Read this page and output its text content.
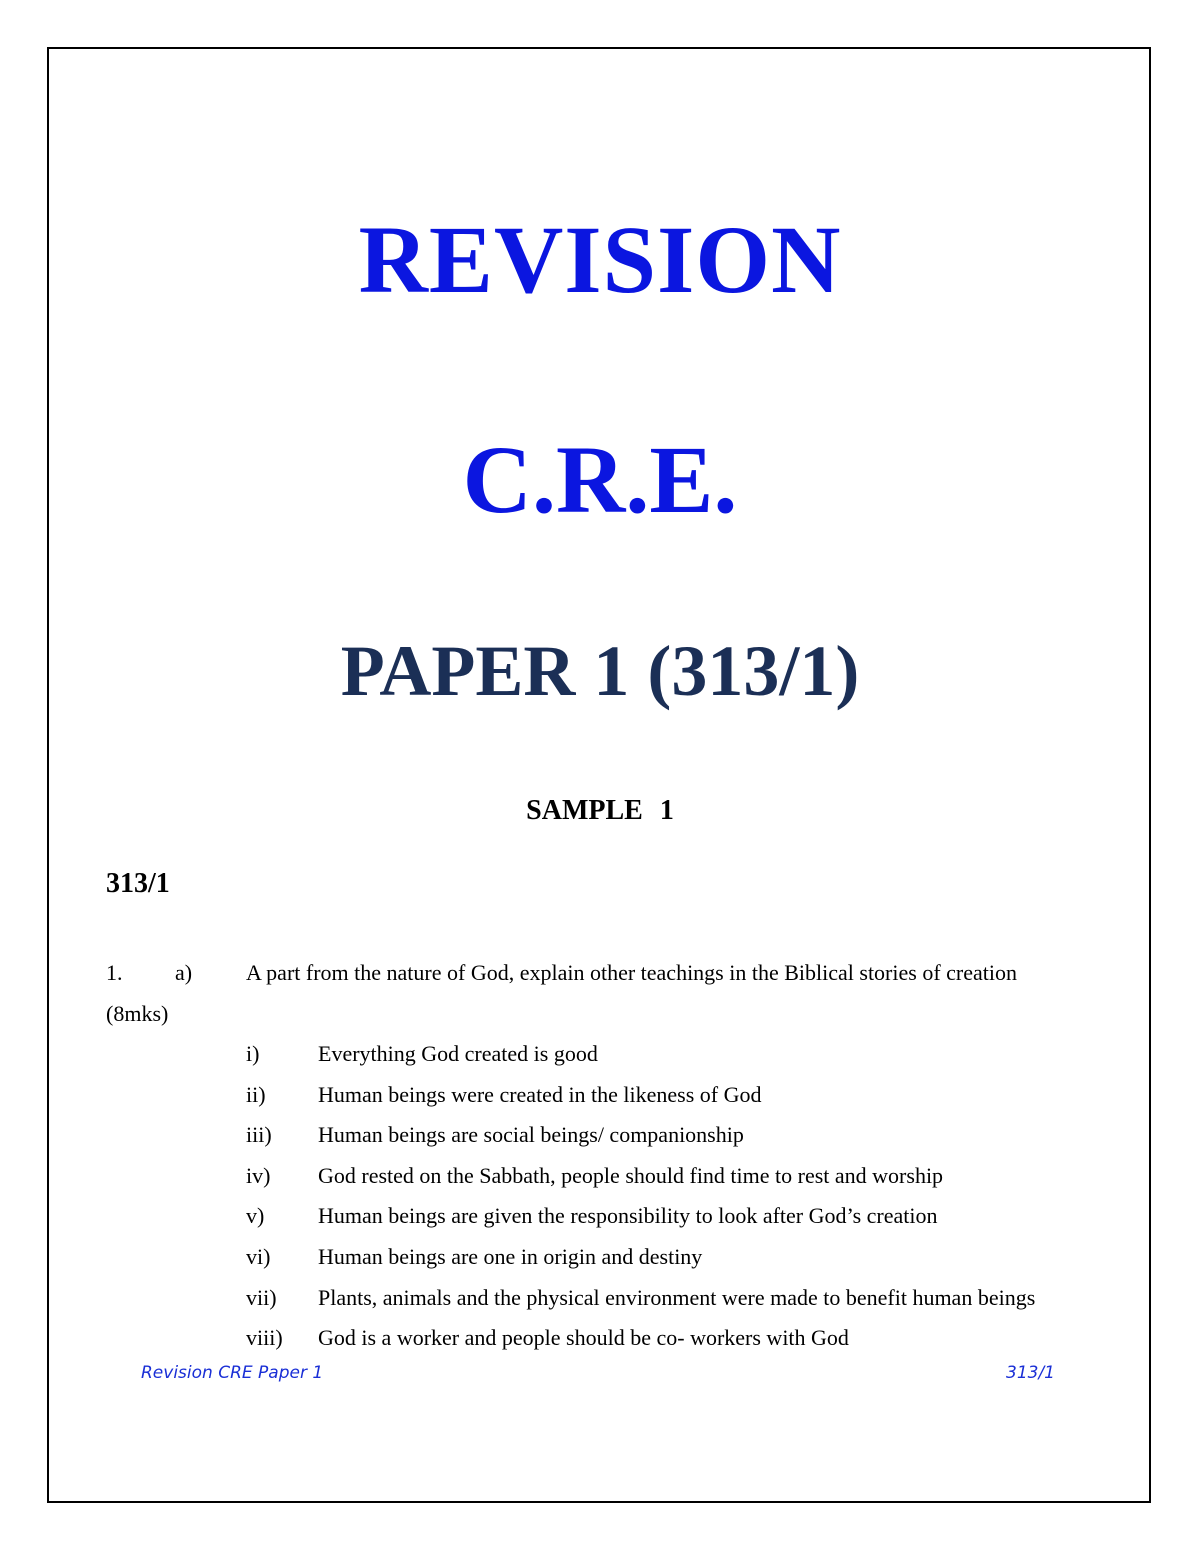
REVISION
C.R.E.
PAPER 1 (313/1)
SAMPLE 1
313/1
1. a) A part from the nature of God, explain other teachings in the Biblical stories of creation
(8mks)
i)	Everything God created is good
ii)	Human beings were created in the likeness of God
iii)	Human beings are social beings/ companionship
iv)	God rested on the Sabbath, people should find time to rest and worship
v)	Human beings are given the responsibility to look after God’s creation
vi)	Human beings are one in origin and destiny
vii)	Plants, animals and the physical environment were made to benefit human beings
viii)	God is a worker and people should be co- workers with God
Revision CRE Paper 1	313/1
